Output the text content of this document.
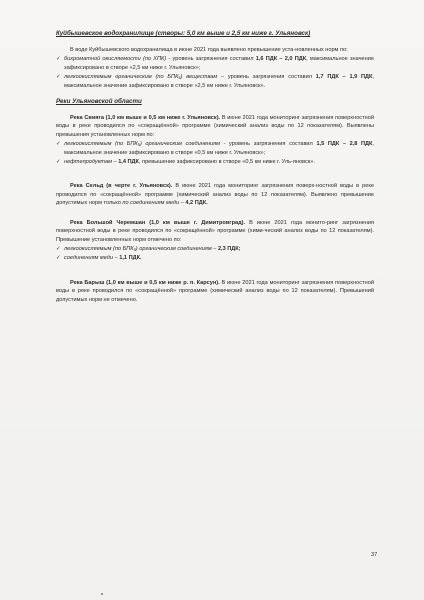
Куйбышевское водохранилище (створы: 5,0 км выше и 2,5 км ниже г. Ульяновск)

В воде Куйбышевского водохранилища в июне 2021 года выявлено превышение уста-новленных норм по:

✓ бихроматной окисляемости (по ХПК) - уровень загрязнения составил 1,6 ПДК – 2,0 ПДК, максимальное значение зафиксировано в створе «2,5 км ниже г. Ульяновск»;
✓ легкоокисляемым органическим (по БПК₅) веществам – уровень загрязнения составил 1,7 ПДК – 1,9 ПДК, максимальное значение зафиксировано в створе «2,5 км ниже г. Ульяновск».
Реки Ульяновской области

Река Свияга (1,0 км выше и 0,5 км ниже г. Ульяновск). В июне 2021 года мониторинг загрязнения поверхностной воды в реке проводился по «сокращённой» программе (химический анализ воды по 12 показателям). Выявлены превышения установленных норм по:

✓ легкоокисляемым (по БПК₅) органическим соединениям - уровень загрязнения составил 1,5 ПДК – 2,8 ПДК, максимальное значение зафиксировано в створе «0,5 км ниже г. Ульяновск»;
✓ нефтепродуктам – 1,4 ПДК, превышение зафиксировано в створе «0,5 км ниже г. Уль-яновск».

Река Сельд (в черте г. Ульяновск). В июне 2021 года мониторинг загрязнения поверх-ностной воды в реке проводился по «сокращённой» программе (химический анализ воды по 12 показателям). Выявлено превышение допустимых норм только по соединениям меди – 4,2 ПДК.

Река Большой Черемшан (1,0 км выше г. Димитровград). В июне 2021 года монито-ринг загрязнения поверхностной воды в реке проводился по «сокращённой» программе (хими-ческий анализ воды по 12 показателям). Превышение установленных норм отмечено по:

✓ легкоокисляемым (по БПК₅) органическим соединениям – 2,3 ПДК;
✓ соединениям меди – 1,1 ПДК.

Река Барыш (1,0 км выше и 0,5 км ниже р. п. Карсун). В июне 2021 года мониторинг загрязнения поверхностной воды в реке проводился по «сокращённой» программе (химический анализ воды по 12 показателям). Превышений допустимых норм не отмечено.

37
